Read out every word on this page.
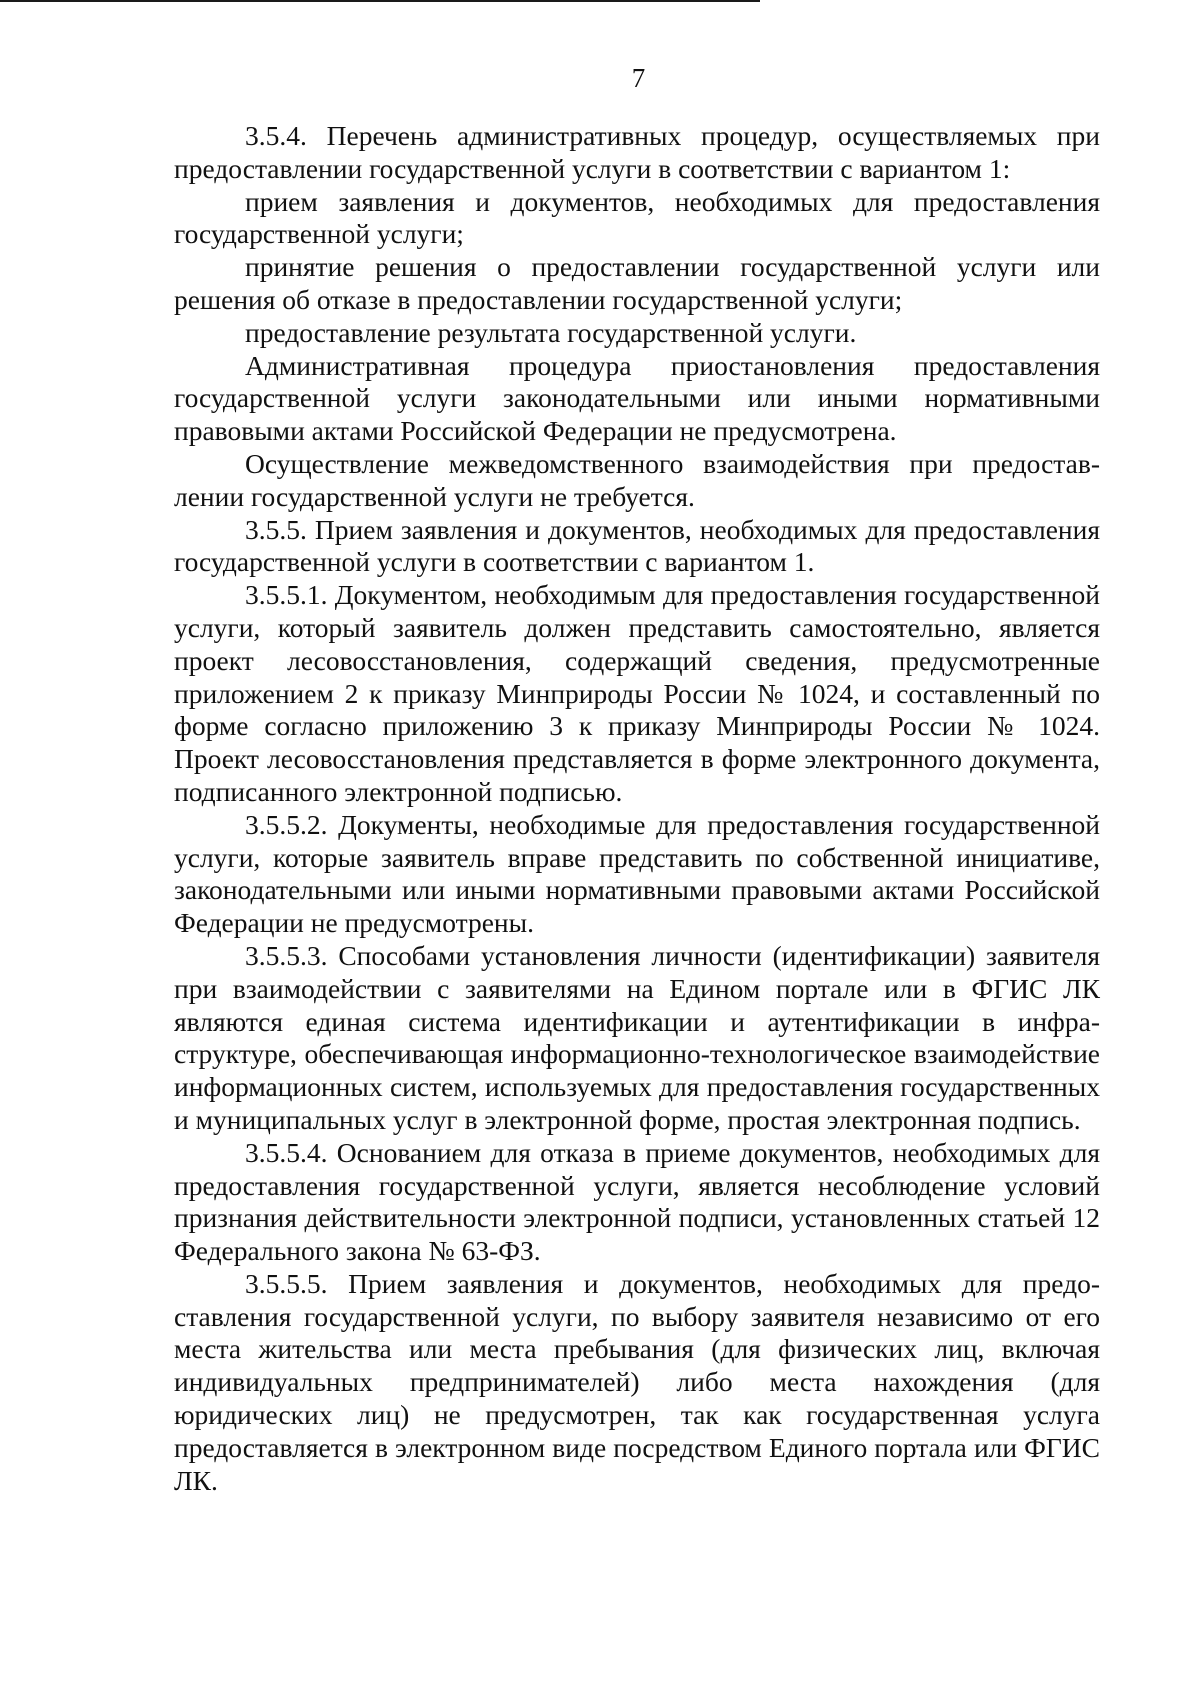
7

3.5.4. Перечень административных процедур, осуществляемых при предоставлении государственной услуги в соответствии с вариантом 1:

прием заявления и документов, необходимых для предоставления государственной услуги;

принятие решения о предоставлении государственной услуги или решения об отказе в предоставлении государственной услуги;

предоставление результата государственной услуги.

Административная процедура приостановления предоставления государственной услуги законодательными или иными нормативными правовыми актами Российской Федерации не предусмотрена.

Осуществление межведомственного взаимодействия при предоставлении государственной услуги не требуется.

3.5.5. Прием заявления и документов, необходимых для предоставления государственной услуги в соответствии с вариантом 1.

3.5.5.1. Документом, необходимым для предоставления государственной услуги, который заявитель должен представить самостоятельно, является проект лесовосстановления, содержащий сведения, предусмотренные приложением 2 к приказу Минприроды России № 1024, и составленный по форме согласно приложению 3 к приказу Минприроды России № 1024. Проект лесовосстановления представляется в форме электронного документа, подписанного электронной подписью.

3.5.5.2. Документы, необходимые для предоставления государственной услуги, которые заявитель вправе представить по собственной инициативе, законодательными или иными нормативными правовыми актами Российской Федерации не предусмотрены.

3.5.5.3. Способами установления личности (идентификации) заявителя при взаимодействии с заявителями на Едином портале или в ФГИС ЛК являются единая система идентификации и аутентификации в инфраструктуре, обеспечивающая информационно-технологическое взаимодействие информационных систем, используемых для предоставления государственных и муниципальных услуг в электронной форме, простая электронная подпись.

3.5.5.4. Основанием для отказа в приеме документов, необходимых для предоставления государственной услуги, является несоблюдение условий признания действительности электронной подписи, установленных статьей 12 Федерального закона № 63-ФЗ.

3.5.5.5. Прием заявления и документов, необходимых для предоставления государственной услуги, по выбору заявителя независимо от его места жительства или места пребывания (для физических лиц, включая индивидуальных предпринимателей) либо места нахождения (для юридических лиц) не предусмотрен, так как государственная услуга предоставляется в электронном виде посредством Единого портала или ФГИС ЛК.
